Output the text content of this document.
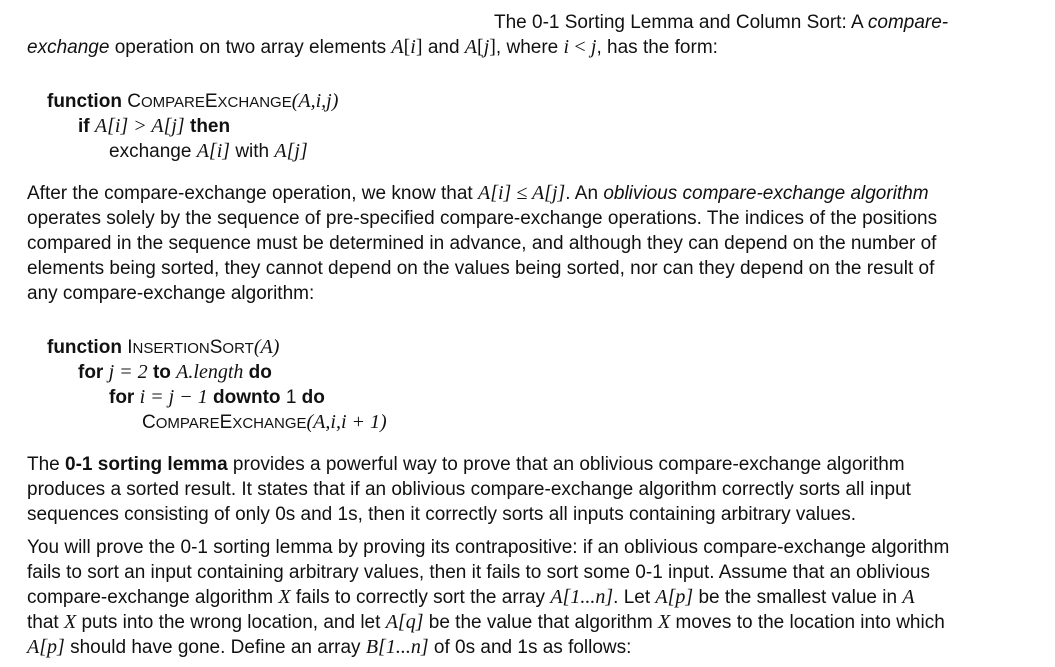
The 0-1 Sorting Lemma and Column Sort: A compare-
exchange operation on two array elements A[i] and A[j], where i < j, has the form:
function COMPAREEXCHANGE(A,i,j)
if A[i] > A[j] then
exchange A[i] with A[j]
After the compare-exchange operation, we know that A[i] ≤ A[j]. An oblivious compare-exchange algorithm
operates solely by the sequence of pre-specified compare-exchange operations. The indices of the positions
compared in the sequence must be determined in advance, and although they can depend on the number of
elements being sorted, they cannot depend on the values being sorted, nor can they depend on the result of
any compare-exchange algorithm:
function INSERTIONSORT(A)
for j = 2 to A.length do
for i = j − 1 downto 1 do
COMPAREEXCHANGE(A,i,i + 1)
The 0-1 sorting lemma provides a powerful way to prove that an oblivious compare-exchange algorithm
produces a sorted result. It states that if an oblivious compare-exchange algorithm correctly sorts all input
sequences consisting of only 0s and 1s, then it correctly sorts all inputs containing arbitrary values.
You will prove the 0-1 sorting lemma by proving its contrapositive: if an oblivious compare-exchange algorithm
fails to sort an input containing arbitrary values, then it fails to sort some 0-1 input. Assume that an oblivious
compare-exchange algorithm X fails to correctly sort the array A[1...n]. Let A[p] be the smallest value in A
that X puts into the wrong location, and let A[q] be the value that algorithm X moves to the location into which
A[p] should have gone. Define an array B[1...n] of 0s and 1s as follows:
